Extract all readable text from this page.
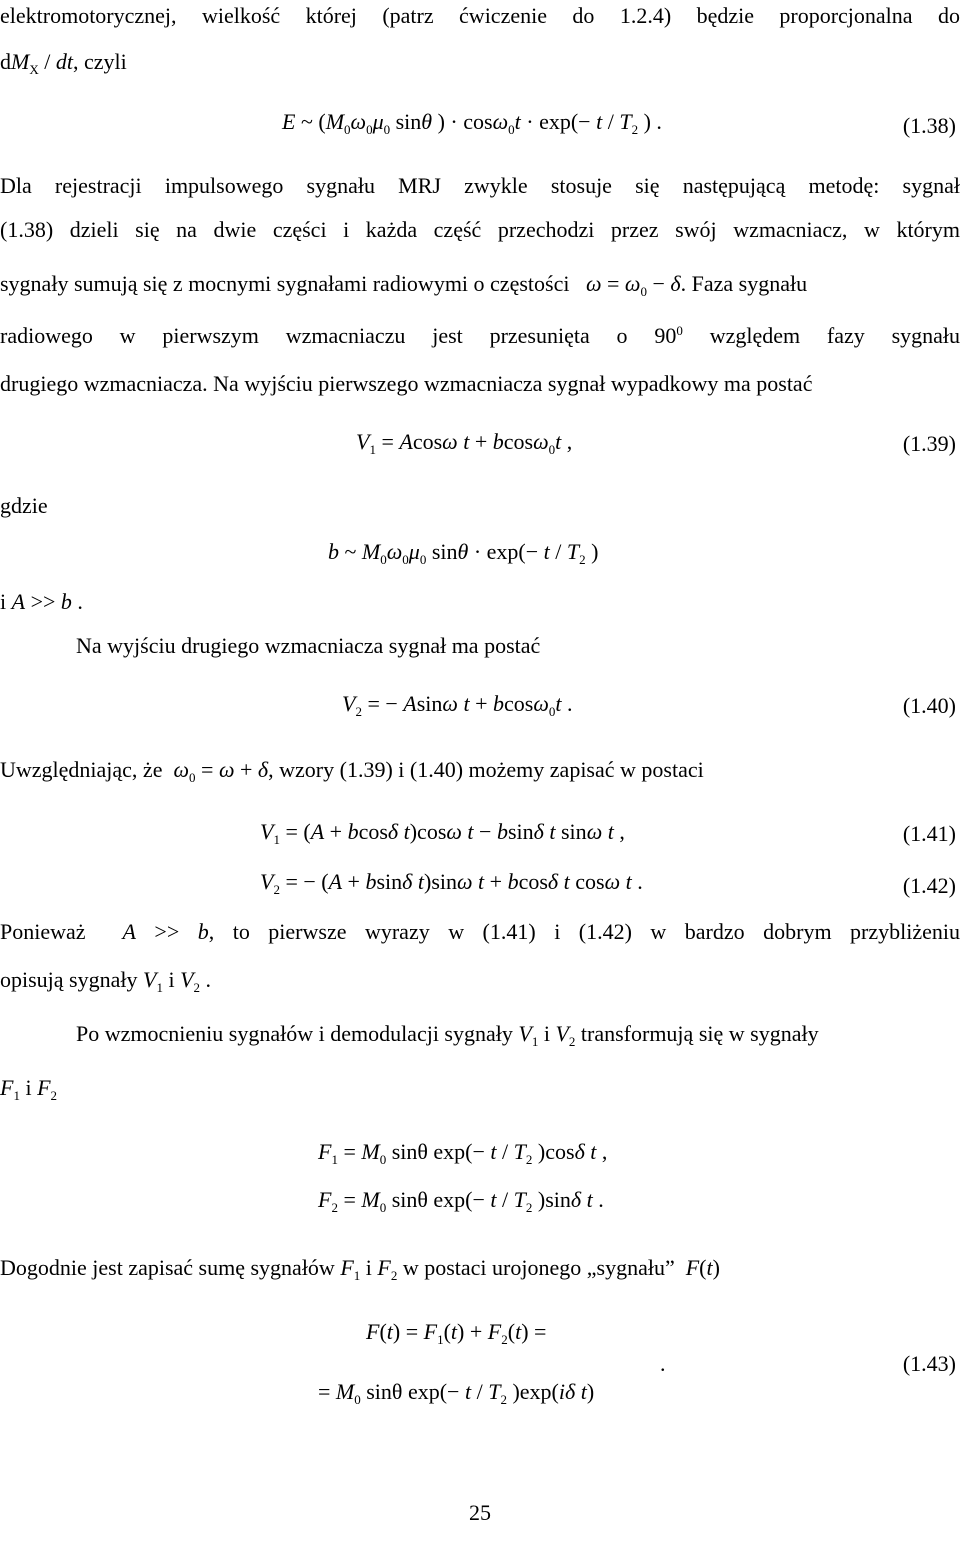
elektromotorycznej, wielkość której (patrz ćwiczenie do 1.2.4) będzie proporcjonalna do
$dM_X$ / dt, czyli
E ~ ($M_0\omega_0\mu_0$ sinθ ) · $\cos\omega_0t \cdot \exp(- t / T_2$ ) .	(1.38)
Dla rejestracji impulsowego sygnału MRJ zwykle stosuje się następującą metodę: sygnał
(1.38) dzieli się na dwie części i każda część przechodzi przez swój wzmacniacz, w którym
sygnały sumują się z mocnymi sygnałami radiowymi o częstości $\omega = \omega_0 - \delta$. Faza sygnału
radiowego w pierwszym wzmacniaczu jest przesunięta o $90^0$ względem fazy sygnału
drugiego wzmacniacza. Na wyjściu pierwszego wzmacniacza sygnał wypadkowy ma postać
$V_1 = Acos\omega$ t + bcosω$_0$t ,	(1.39)
gdzie
b ~ $M_0\omega_0\mu_0$ $\sin\theta \cdot \exp(- t / T_2$ )
i A >> b .
Na wyjściu drugiego wzmacniacza sygnał ma postać
$V_2$ = − Asinω t + bcosω$_0$t .	(1.40)
Uwzględniając, że $\omega_0 = \omega + \delta$, wzory (1.39) i (1.40) możemy zapisać w postaci
$V_1 = (A + bcos\delta$ t)cosω t − bsinδ t sinω t ,	(1.41)
$V_2$ = − (A + bsinδ t)sinω t + bcosδ t cosω t .	(1.42)
Ponieważ A >> b, to pierwsze wyrazy w (1.41) i (1.42) w bardzo dobrym przybliżeniu
opisują sygnały $V_1$ i $V_2$ .
Po wzmocnieniu sygnałów i demodulacji sygnały $V_1$ i $V_2$ transformują się w sygnały
$F_1$ i $F_2$
$F_1 = M_0$ sinθ $\exp(- t / T_2$ )cosδ t ,
$F_2 = M_0$ sinθ $\exp(- t / T_2$ )sinδ t .
Dogodnie jest zapisać sumę sygnałów $F_1$ i $F_2$ w postaci urojonego „sygnału” F(t)
$F(t) = F_1(t) + F_2(t)$ =
= $M_0$ sinθ $\exp(- t / T_2$ )exp(iδ t)
.	(1.43)
25
